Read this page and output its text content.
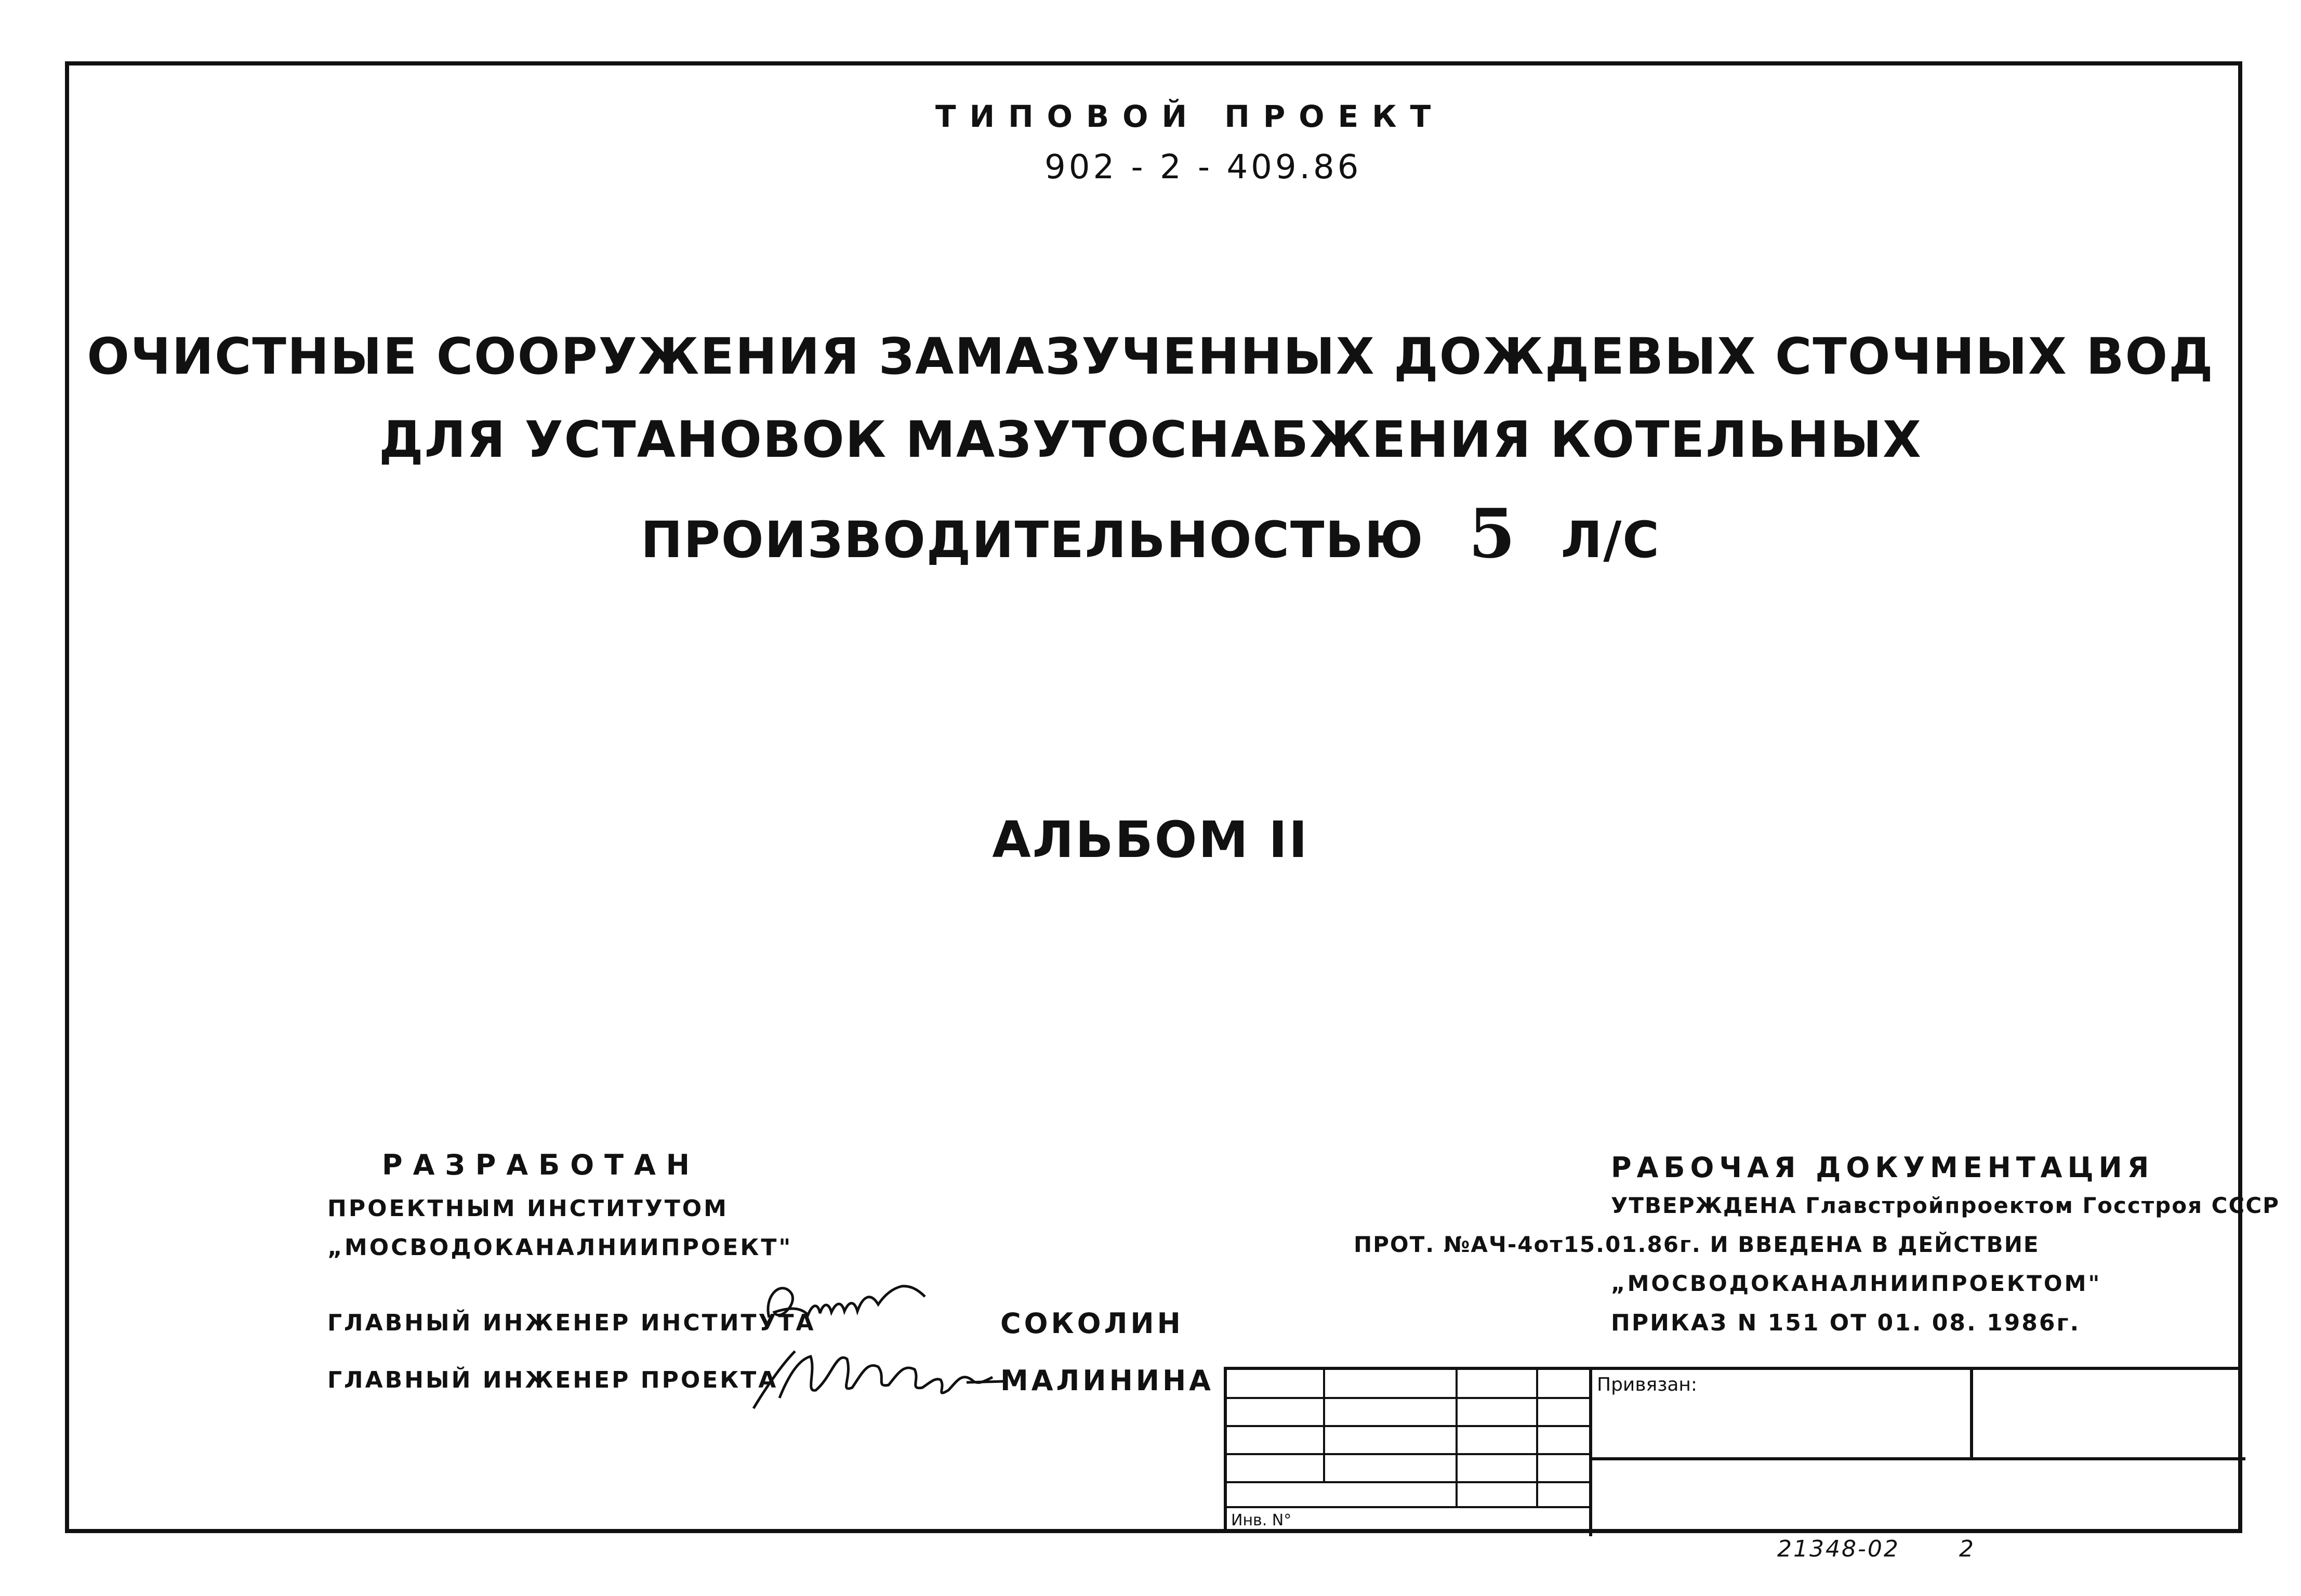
ТИПОВОЙ ПРОЕКТ
902 - 2 - 409.86
ОЧИСТНЫЕ СООРУЖЕНИЯ ЗАМАЗУЧЕННЫХ ДОЖДЕВЫХ СТОЧНЫХ ВОД
ДЛЯ УСТАНОВОК МАЗУТОСНАБЖЕНИЯ КОТЕЛЬНЫХ
ПРОИЗВОДИТЕЛЬНОСТЬЮ 5 Л/С
АЛЬБОМ II
РАЗРАБОТАН
ПРОЕКТНЫМ ИНСТИТУТОМ
„МОСВОДОКАНАЛНИИПРОЕКТ"
ГЛАВНЫЙ ИНЖЕНЕР ИНСТИТУТА	СОКОЛИН
ГЛАВНЫЙ ИНЖЕНЕР ПРОЕКТА	МАЛИНИНА
РАБОЧАЯ ДОКУМЕНТАЦИЯ
УТВЕРЖДЕНА Главстройпроектом Госстроя СССР
ПРОТ. №АЧ-4от15.01.86г. И ВВЕДЕНА В ДЕЙСТВИЕ
„МОСВОДОКАНАЛНИИПРОЕКТОМ"
ПРИКАЗ N 151 ОТ 01. 08. 1986г.
Привязан:
Инв. N°
21348-02	2
